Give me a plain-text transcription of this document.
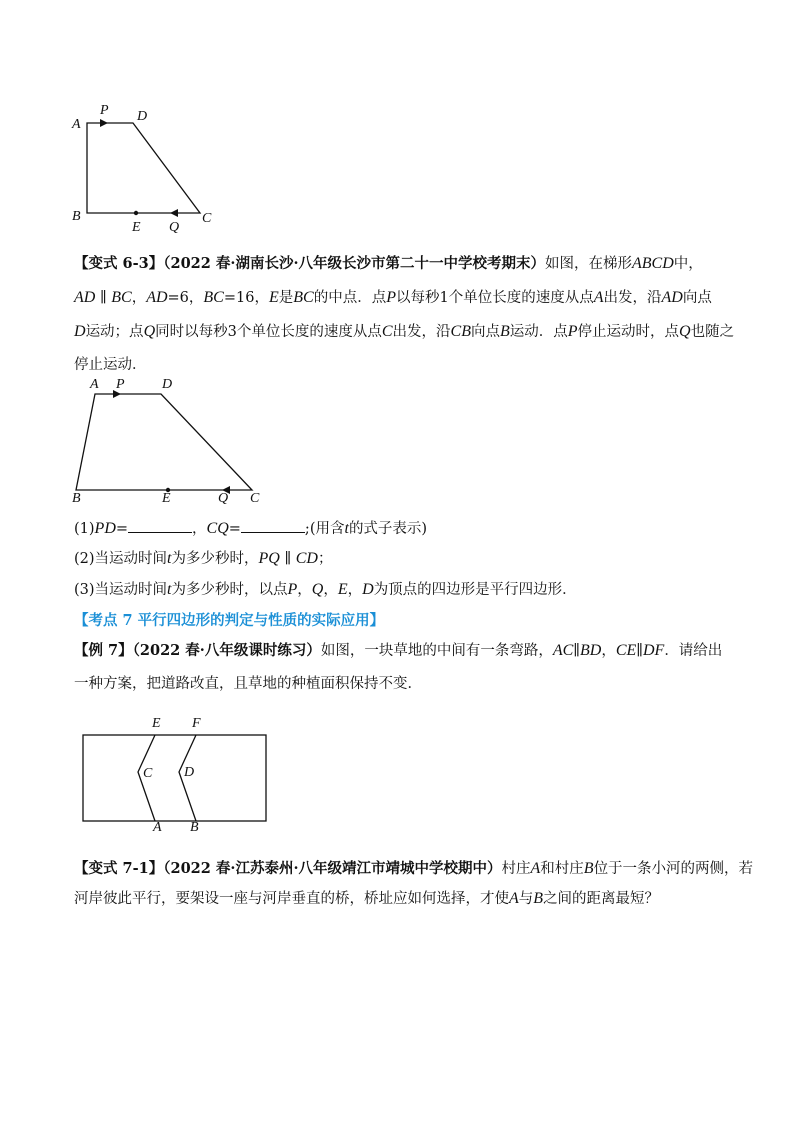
A
P D
B
E Q
C
【变式 6-3】（2022 春·湖南长沙·八年级长沙市第二十一中学校考期末）如图，在梯形ABCD中，
AD ∥ BC，AD=6，BC=16，E是BC的中点．点P以每秒1个单位长度的速度从点A出发，沿AD向点
D运动；点Q同时以每秒3个单位长度的速度从点C出发，沿CB向点B运动．点P停止运动时，点Q也随之
停止运动．
A P	D
B	E	Q C
(1)PD=	，CQ=	;(用含t的式子表示)
(2)当运动时间t为多少秒时，PQ ∥ CD；
(3)当运动时间t为多少秒时，以点P，Q，E，D为顶点的四边形是平行四边形．
【考点 7 平行四边形的判定与性质的实际应用】
【例 7】（2022 春·八年级课时练习）如图，一块草地的中间有一条弯路，AC∥BD，CE∥DF．请给出
一种方案，把道路改直，且草地的种植面积保持不变．
E F
C D
A B
【变式 7-1】（2022 春·江苏泰州·八年级靖江市靖城中学校期中）村庄A和村庄B位于一条小河的两侧，若
河岸彼此平行，要架设一座与河岸垂直的桥，桥址应如何选择，才使A与B之间的距离最短？
